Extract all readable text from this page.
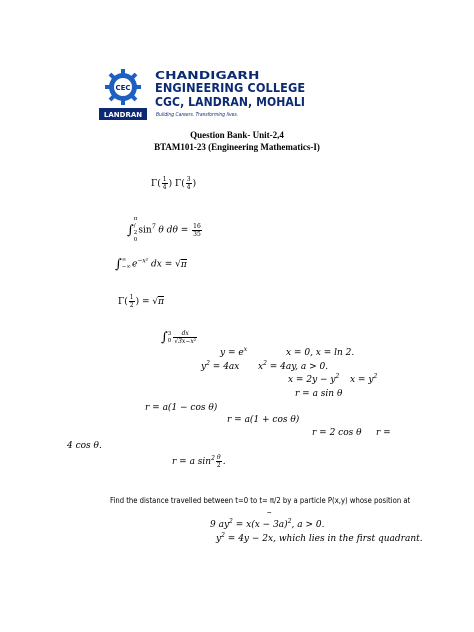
CEC
LANDRAN
CHANDIGARH
ENGINEERING COLLEGE
CGC, LANDRAN, MOHALI
Building Careers. Transforming lives.
Question Bank- Unit-2,4
BTAM101-23 (Engineering Mathematics-I)
$\Gamma( \frac{1}{4}$ ) $\Gamma( \frac{3}{4}$ )
∫
π
/
2
0
$\sin^7 \theta$ $d\theta = \frac{16}{35}$
∫ ∞
−∞ $e^{-x^2}$ dx = √π
$\Gamma( \frac{1}{2}$ ) = √π
∫ 3
$0 \frac{dx}{\text{√3x−x²}}$
$y = e^x$	x = 0, x = ln 2.
$y^2 = 4ax$ $x^2 = 4ay$, a > 0.
$x = 2y - y^2$ $x = y^2$
r = a sin θ
r = a(1 − cos θ)
r = a(1 + cos θ)
r = 2 cos θ r =
4 cos θ.
r = a $\sin^2 \frac{\theta}{2}$ .
Find the distance travelled between t=0 to t= π/2 by a particle P(x,y) whose position at
–
9 $ay^2 = x(x - 3a)^2$, a > 0.
$y^2 = 4y - 2x$, which lies in the first quadrant.
